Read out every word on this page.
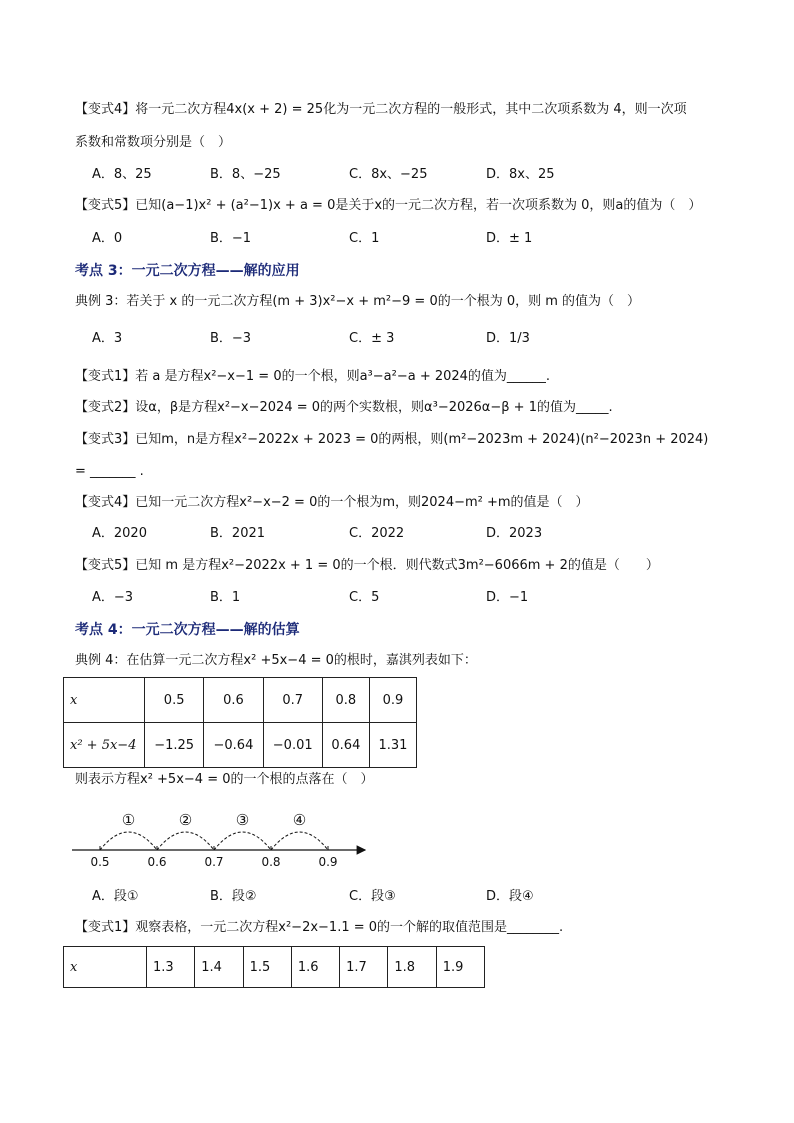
【变式4】将一元二次方程4x(x + 2) = 25化为一元二次方程的一般形式，其中二次项系数为 4，则一次项
系数和常数项分别是（　）
A．8、25	B．8、−25	C．8x、−25	D．8x、25
【变式5】已知(a−1)x² + (a²−1)x + a = 0是关于x的一元二次方程，若一次项系数为 0，则a的值为（　）
A．0	B．−1	C．1	D．± 1
考点 3：一元二次方程——解的应用
典例 3：若关于 x 的一元二次方程(m + 3)x²−x + m²−9 = 0的一个根为 0，则 m 的值为（　）
A．3	B．−3	C．± 3	D．1/3
【变式1】若 a 是方程x²−x−1 = 0的一个根，则a³−a²−a + 2024的值为______.
【变式2】设α，β是方程x²−x−2024 = 0的两个实数根，则α³−2026α−β + 1的值为_____.
【变式3】已知m，n是方程x²−2022x + 2023 = 0的两根，则(m²−2023m + 2024)(n²−2023n + 2024)
= _______ .
【变式4】已知一元二次方程x²−x−2 = 0的一个根为m，则2024−m² +m的值是（　）
A．2020	B．2021	C．2022	D．2023
【变式5】已知 m 是方程x²−2022x + 1 = 0的一个根．则代数式3m²−6066m + 2的值是（　　）
A．−3	B．1	C．5	D．−1
考点 4：一元二次方程——解的估算
典例 4：在估算一元二次方程x² +5x−4 = 0的根时，嘉淇列表如下：
x	0.5	0.6	0.7	0.8	0.9
x² + 5x−4	−1.25	−0.64	−0.01	0.64	1.31
则表示方程x² +5x−4 = 0的一个根的点落在（　）
0.5	0.6	0.7	0.8	0.9
①	②	③	④
A．段①	B．段②	C．段③	D．段④
【变式1】观察表格，一元二次方程x²−2x−1.1 = 0的一个解的取值范围是________.
x	1.3	1.4	1.5	1.6	1.7	1.8	1.9
